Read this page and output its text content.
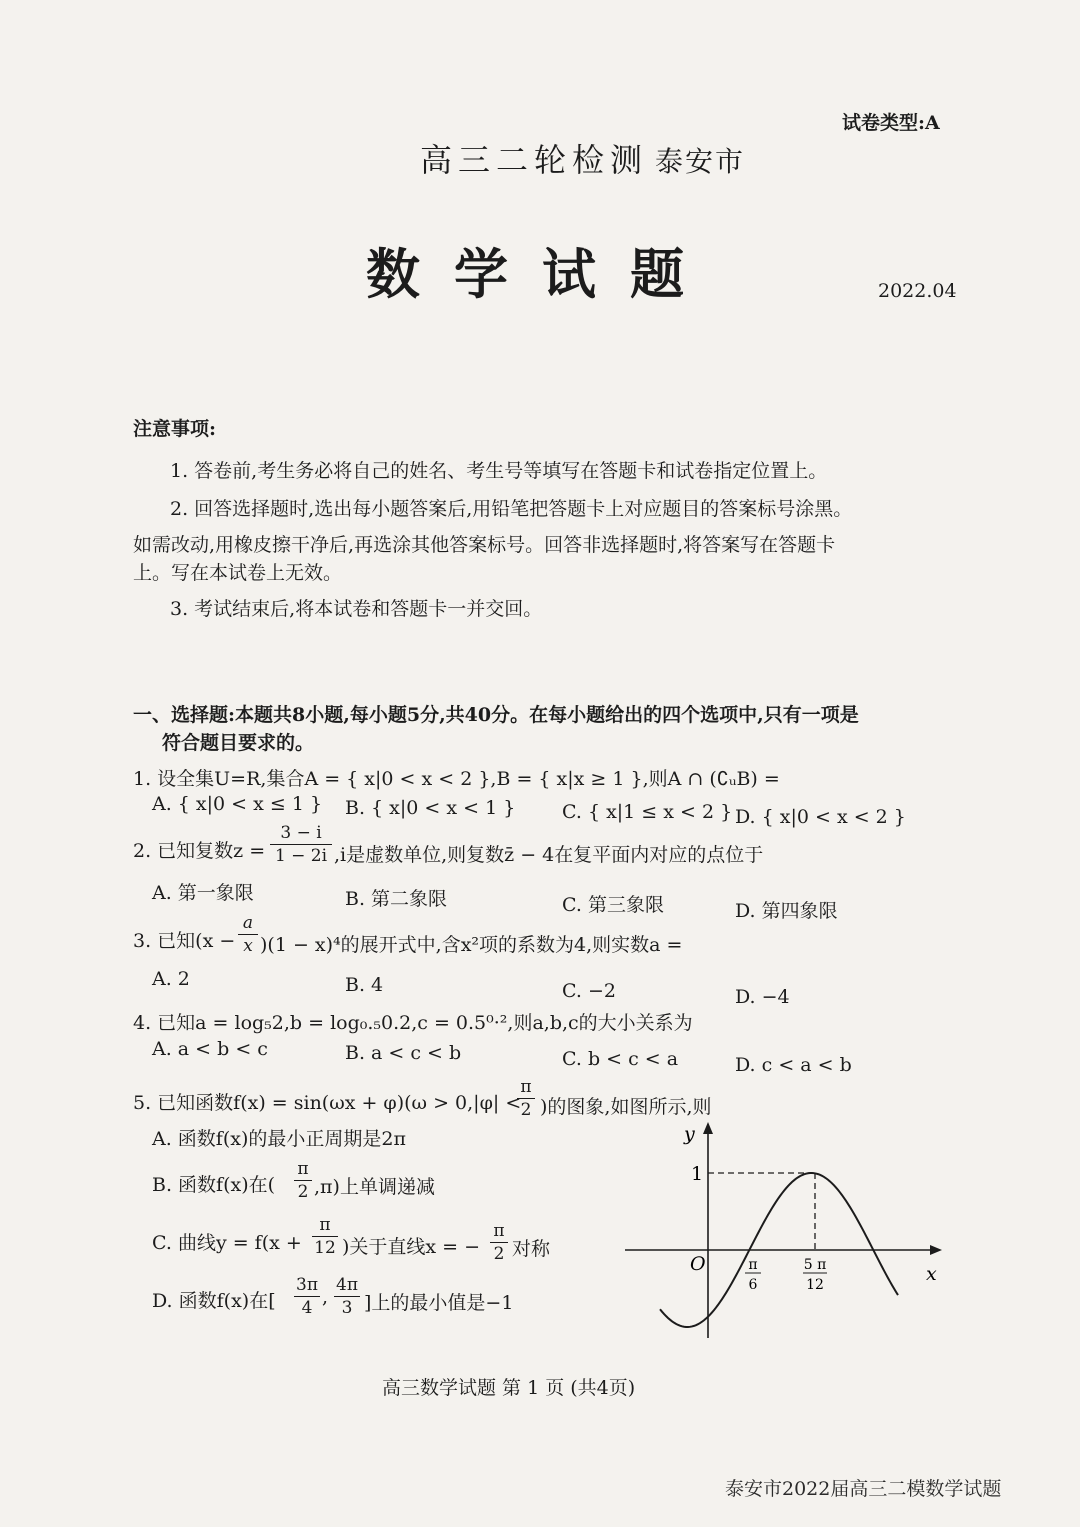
试卷类型:A
高三二轮检测 泰安市
数学试题	2022.04
注意事项:
1. 答卷前,考生务必将自己的姓名、考生号等填写在答题卡和试卷指定位置上。
2. 回答选择题时,选出每小题答案后,用铅笔把答题卡上对应题目的答案标号涂黑。
如需改动,用橡皮擦干净后,再选涂其他答案标号。回答非选择题时,将答案写在答题卡
上。写在本试卷上无效。
3. 考试结束后,将本试卷和答题卡一并交回。
一、选择题:本题共8小题,每小题5分,共40分。在每小题给出的四个选项中,只有一项是
符合题目要求的。
1. 设全集U=R,集合A = { x|0 < x < 2 },B = { x|x ≥ 1 },则A ∩ (∁ᵤB) =
A. { x|0 < x ≤ 1 } B. { x|0 < x < 1 } C. { x|1 ≤ x < 2 } D. { x|0 < x < 2 }
2. 已知复数$z = \frac{3 - i}{1 - 2i} ,i$是虚数单位,则复数z̄ − 4在复平面内对应的点位于
A. 第一象限	B. 第二象限	C. 第三象限	D. 第四象限
3. 已知$(x - \frac{a}{x} )(1 - x)^4$的展开式中,含x²项的系数为4,则实数a =
A. 2	B. 4	C. −2	D. −4
4. 已知a = log₅2,b = log₀.₅0.2,c = 0.5⁰·²,则a,b,c的大小关系为
A. a < b < c	B. a < c < b	C. b < c < a	D. c < a < b
5. 已知函数f(x) = sin(ωx + φ)(ω > 0,|φ| <
$\frac{\pi}{2}$ )的图象,如图所示,则
A. 函数f(x)的最小正周期是2π
B. 函数f(x)在( $\frac{\pi}{2} ,\pi$)上单调递减
C. 曲线$y = f(x + \frac{\pi}{12}$ )关于直线x = − $\frac{\pi}{2}$ 对称
D. 函数f(x)在[ $\frac{3\pi}{4}$ , $\frac{4\pi}{3}$ ]上的最小值是−1
y
x
O
1
π
6
5 π
12
高三数学试题 第 1 页 (共4页)
泰安市2022届高三二模数学试题
